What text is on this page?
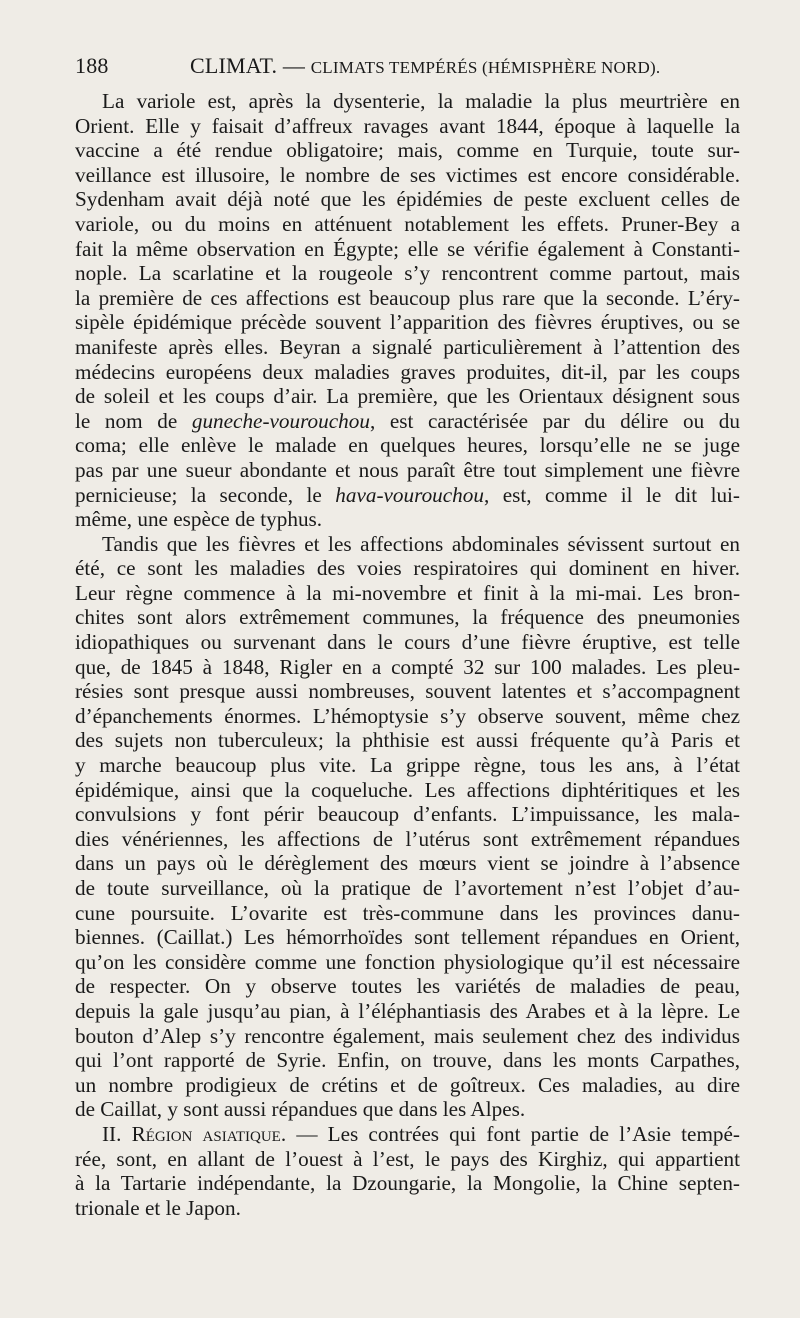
188	CLIMAT. — CLIMATS TEMPÉRÉS (HÉMISPHÈRE NORD).
La variole est, après la dysenterie, la maladie la plus meurtrière en
Orient. Elle y faisait d’affreux ravages avant 1844, époque à laquelle la
vaccine a été rendue obligatoire; mais, comme en Turquie, toute sur-
veillance est illusoire, le nombre de ses victimes est encore considérable.
Sydenham avait déjà noté que les épidémies de peste excluent celles de
variole, ou du moins en atténuent notablement les effets. Pruner-Bey a
fait la même observation en Égypte; elle se vérifie également à Constanti-
nople. La scarlatine et la rougeole s’y rencontrent comme partout, mais
la première de ces affections est beaucoup plus rare que la seconde. L’éry-
sipèle épidémique précède souvent l’apparition des fièvres éruptives, ou se
manifeste après elles. Beyran a signalé particulièrement à l’attention des
médecins européens deux maladies graves produites, dit-il, par les coups
de soleil et les coups d’air. La première, que les Orientaux désignent sous
le nom de guneche-vourouchou, est caractérisée par du délire ou du
coma; elle enlève le malade en quelques heures, lorsqu’elle ne se juge
pas par une sueur abondante et nous paraît être tout simplement une fièvre
pernicieuse; la seconde, le hava-vourouchou, est, comme il le dit lui-
même, une espèce de typhus.
Tandis que les fièvres et les affections abdominales sévissent surtout en
été, ce sont les maladies des voies respiratoires qui dominent en hiver.
Leur règne commence à la mi-novembre et finit à la mi-mai. Les bron-
chites sont alors extrêmement communes, la fréquence des pneumonies
idiopathiques ou survenant dans le cours d’une fièvre éruptive, est telle
que, de 1845 à 1848, Rigler en a compté 32 sur 100 malades. Les pleu-
résies sont presque aussi nombreuses, souvent latentes et s’accompagnent
d’épanchements énormes. L’hémoptysie s’y observe souvent, même chez
des sujets non tuberculeux; la phthisie est aussi fréquente qu’à Paris et
y marche beaucoup plus vite. La grippe règne, tous les ans, à l’état
épidémique, ainsi que la coqueluche. Les affections diphtéritiques et les
convulsions y font périr beaucoup d’enfants. L’impuissance, les mala-
dies vénériennes, les affections de l’utérus sont extrêmement répandues
dans un pays où le dérèglement des mœurs vient se joindre à l’absence
de toute surveillance, où la pratique de l’avortement n’est l’objet d’au-
cune poursuite. L’ovarite est très-commune dans les provinces danu-
biennes. (Caillat.) Les hémorrhoïdes sont tellement répandues en Orient,
qu’on les considère comme une fonction physiologique qu’il est nécessaire
de respecter. On y observe toutes les variétés de maladies de peau,
depuis la gale jusqu’au pian, à l’éléphantiasis des Arabes et à la lèpre. Le
bouton d’Alep s’y rencontre également, mais seulement chez des individus
qui l’ont rapporté de Syrie. Enfin, on trouve, dans les monts Carpathes,
un nombre prodigieux de crétins et de goîtreux. Ces maladies, au dire
de Caillat, y sont aussi répandues que dans les Alpes.
II. Région asiatique. — Les contrées qui font partie de l’Asie tempé-
rée, sont, en allant de l’ouest à l’est, le pays des Kirghiz, qui appartient
à la Tartarie indépendante, la Dzoungarie, la Mongolie, la Chine septen-
trionale et le Japon.
